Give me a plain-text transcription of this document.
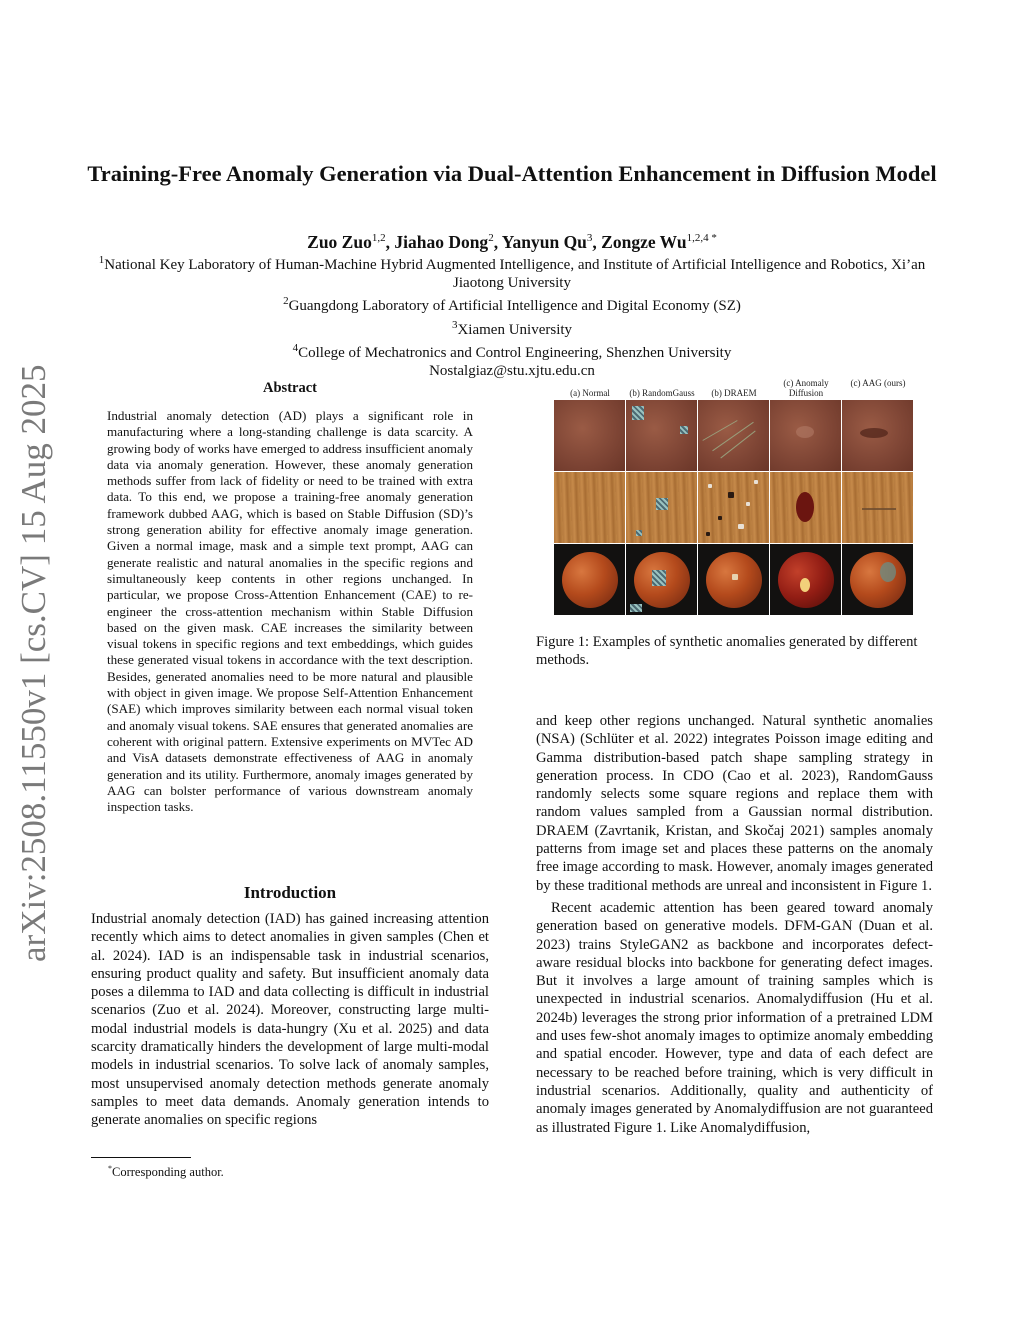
arXiv:2508.11550v1 [cs.CV] 15 Aug 2025
Training-Free Anomaly Generation via Dual-Attention Enhancement in Diffusion Model
Zuo Zuo$^{1,2}$, Jiahao Dong$^2$, Yanyun Qu$^3$, Zongze $Wu^{1,2,4 *}$
$^1$National Key Laboratory of Human-Machine Hybrid Augmented Intelligence, and Institute of Artificial Intelligence and Robotics, Xi’an Jiaotong University
$^2$Guangdong Laboratory of Artificial Intelligence and Digital Economy (SZ)
$^3$Xiamen University
$^4$College of Mechatronics and Control Engineering, Shenzhen University
Nostalgiaz@stu.xjtu.edu.cn
Abstract

Industrial anomaly detection (AD) plays a significant role in manufacturing where a long-standing challenge is data scarcity. A growing body of works have emerged to address insufficient anomaly data via anomaly generation. However, these anomaly generation methods suffer from lack of fidelity or need to be trained with extra data. To this end, we propose a training-free anomaly generation framework dubbed AAG, which is based on Stable Diffusion (SD)’s strong generation ability for effective anomaly image generation. Given a normal image, mask and a simple text prompt, AAG can generate realistic and natural anomalies in the specific regions and simultaneously keep contents in other regions unchanged. In particular, we propose Cross-Attention Enhancement (CAE) to re-engineer the cross-attention mechanism within Stable Diffusion based on the given mask. CAE increases the similarity between visual tokens in specific regions and text embeddings, which guides these generated visual tokens in accordance with the text description. Besides, generated anomalies need to be more natural and plausible with object in given image. We propose Self-Attention Enhancement (SAE) which improves similarity between each normal visual token and anomaly visual tokens. SAE ensures that generated anomalies are coherent with original pattern. Extensive experiments on MVTec AD and VisA datasets demonstrate effectiveness of AAG in anomaly generation and its utility. Furthermore, anomaly images generated by AAG can bolster performance of various downstream anomaly inspection tasks.

Introduction

Industrial anomaly detection (IAD) has gained increasing attention recently which aims to detect anomalies in given samples (Chen et al. 2024). IAD is an indispensable task in industrial scenarios, ensuring product quality and safety. But insufficient anomaly data poses a dilemma to IAD and data collecting is difficult in industrial scenarios (Zuo et al. 2024). Moreover, constructing large multi-modal industrial models is data-hungry (Xu et al. 2025) and data scarcity dramatically hinders the development of large multi-modal models in industrial scenarios. To solve lack of anomaly samples, most unsupervised anomaly detection methods generate anomaly samples to meet data demands. Anomaly generation intends to generate anomalies on specific regions

*Corresponding author.
(a) Normal	(b) RandomGauss	(b) DRAEM
(c) Anomaly Diffusion
(c) AAG (ours)

Figure 1: Examples of synthetic anomalies generated by different methods.

and keep other regions unchanged. Natural synthetic anomalies (NSA) (Schlüter et al. 2022) integrates Poisson image editing and Gamma distribution-based patch shape sampling strategy in generation process. In CDO (Cao et al. 2023), RandomGauss randomly selects some square regions and replace them with random values sampled from a Gaussian normal distribution. DRAEM (Zavrtanik, Kristan, and Skočaj 2021) samples anomaly patterns from image set and places these patterns on the anomaly free image according to mask. However, anomaly images generated by these traditional methods are unreal and inconsistent in Figure 1.

Recent academic attention has been geared toward anomaly generation based on generative models. DFM-GAN (Duan et al. 2023) trains StyleGAN2 as backbone and incorporates defect-aware residual blocks into backbone for generating defect images. But it involves a large amount of training samples which is unexpected in industrial scenarios. Anomalydiffusion (Hu et al. 2024b) leverages the strong prior information of a pretrained LDM and uses few-shot anomaly images to optimize anomaly embedding and spatial encoder. However, type and data of each defect are necessary to be reached before training, which is very difficult in industrial scenarios. Additionally, quality and authenticity of anomaly images generated by Anomalydiffusion are not guaranteed as illustrated Figure 1. Like Anomalydiffusion,
